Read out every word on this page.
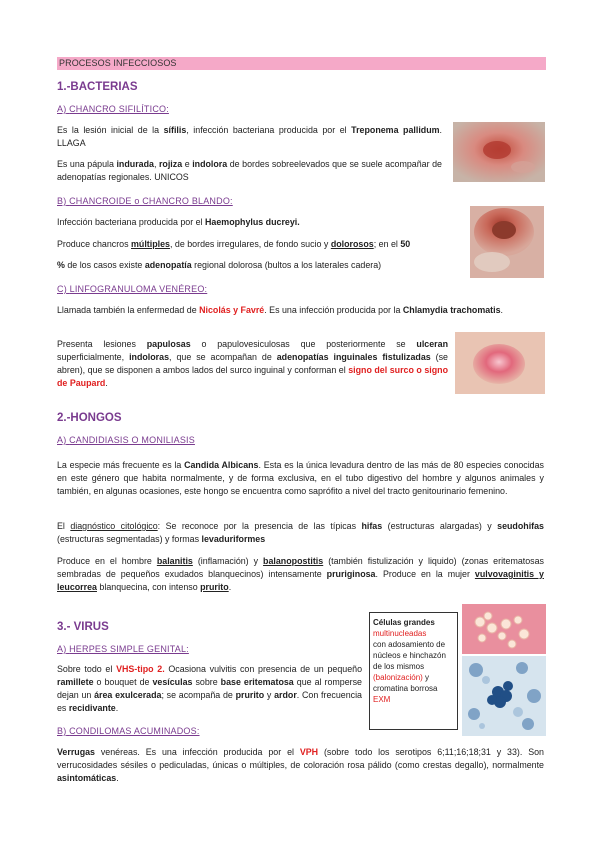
PROCESOS INFECCIOSOS
1.-BACTERIAS
A) CHANCRO SIFILÍTICO:
Es la lesión inicial de la sífilis, infección bacteriana producida por el Treponema pallidum. LLAGA
Es una pápula indurada, rojiza e indolora de bordes sobreelevados que se suele acompañar de adenopatías regionales. UNICOS
B) CHANCROIDE o CHANCRO BLANDO:
Infección bacteriana producida por el Haemophylus ducreyi.
Produce chancros múltiples, de bordes irregulares, de fondo sucio y dolorosos; en el 50
% de los casos existe adenopatía regional dolorosa (bultos a los laterales cadera)
C) LINFOGRANULOMA VENÉREO:
Llamada también la enfermedad de Nicolás y Favré. Es una infección producida por la Chlamydia trachomatis.
Presenta lesiones papulosas o papulovesiculosas que posteriormente se ulceran superficialmente, indoloras, que se acompañan de adenopatías inguinales fistulizadas (se abren), que se disponen a ambos lados del surco inguinal y conforman el signo del surco o signo de Paupard.
2.-HONGOS
A) CANDIDIASIS O MONILIASIS
La especie más frecuente es la Candida Albicans. Esta es la única levadura dentro de las más de 80 especies conocidas en este género que habita normalmente, y de forma exclusiva, en el tubo digestivo del hombre y algunos animales y también, en algunas ocasiones, este hongo se encuentra como saprófito a nivel del tracto genitourinario femenino.
El diagnóstico citológico: Se reconoce por la presencia de las típicas hifas (estructuras alargadas) y seudohifas (estructuras segmentadas) y formas levaduriformes
Produce en el hombre balanitis (inflamación) y balanopostitis (también fistulización y liquido) (zonas eritematosas sembradas de pequeños exudados blanquecinos) intensamente pruriginosa. Produce en la mujer vulvovaginitis y leucorrea blanquecina, con intenso prurito.
3.- VIRUS
A) HERPES SIMPLE GENITAL:
Sobre todo el VHS-tipo 2. Ocasiona vulvitis con presencia de un pequeño ramillete o bouquet de vesículas sobre base eritematosa que al romperse dejan un área exulcerada; se acompaña de prurito y ardor. Con frecuencia es recidivante.
B) CONDILOMAS ACUMINADOS:
Verrugas venéreas. Es una infección producida por el VPH (sobre todo los serotipos 6;11;16;18;31 y 33). Son verrucosidades sésiles o pediculadas, únicas o múltiples, de coloración rosa pálido (como crestas degallo), normalmente asintomáticas.
Células grandes
multinucleadas
con adosamiento de núcleos e hinchazón de los mismos
(balonización) y cromatina borrosa EXM
